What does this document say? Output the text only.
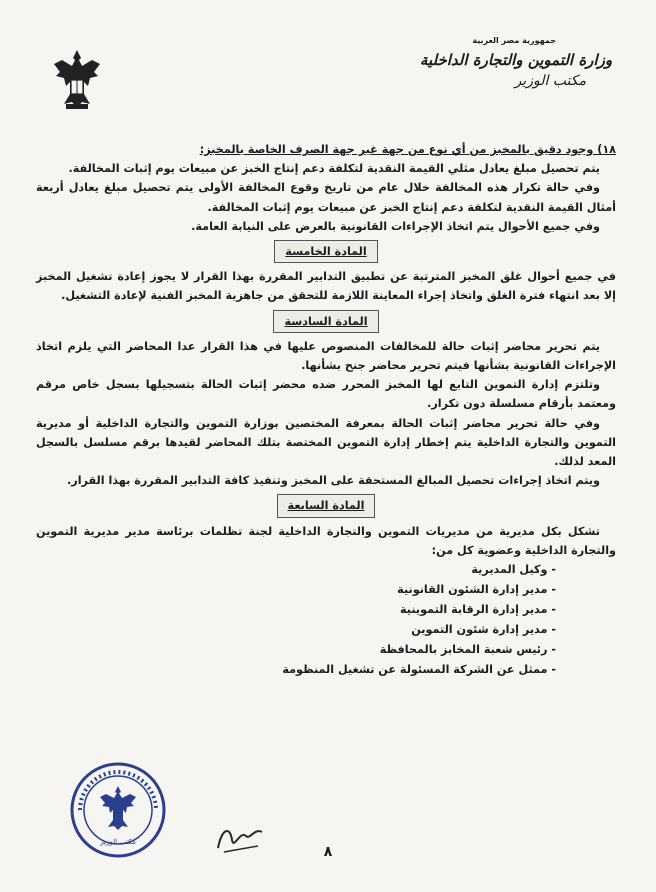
جمهورية مصر العربية
وزارة التموين والتجارة الداخلية
مكتب الوزير

١٨) وجود دقيق بالمخبز من أي نوع من جهة غير جهة الصرف الخاصة بالمخبز:

يتم تحصيل مبلغ يعادل مثلي القيمة النقدية لتكلفة دعم إنتاج الخبز عن مبيعات يوم إثبات المخالفة.

وفي حالة تكرار هذه المخالفة خلال عام من تاريخ وقوع المخالفة الأولى يتم تحصيل مبلغ يعادل أربعة أمثال القيمة النقدية لتكلفة دعم إنتاج الخبز عن مبيعات يوم إثبات المخالفة.

وفي جميع الأحوال يتم اتخاذ الإجراءات القانونية بالعرض على النيابة العامة.

المادة الخامسة

في جميع أحوال غلق المخبز المترتبة عن تطبيق التدابير المقررة بهذا القرار لا يجوز إعادة تشغيل المخبز إلا بعد انتهاء فترة الغلق واتخاذ إجراء المعاينة اللازمة للتحقق من جاهزية المخبز الفنية لإعادة التشغيل.

المادة السادسة

يتم تحرير محاضر إثبات حالة للمخالفات المنصوص عليها في هذا القرار عدا المحاضر التي يلزم اتخاذ الإجراءات القانونية بشأنها فيتم تحرير محاضر جنح بشأنها.

وتلتزم إدارة التموين التابع لها المخبز المحرر ضده محضر إثبات الحالة بتسجيلها بسجل خاص مرقم ومعتمد بأرقام مسلسلة دون تكرار.

وفي حالة تحرير محاضر إثبات الحالة بمعرفة المختصين بوزارة التموين والتجارة الداخلية أو مديرية التموين والتجارة الداخلية يتم إخطار إدارة التموين المختصة بتلك المحاضر لقيدها برقم مسلسل بالسجل المعد لذلك.

ويتم اتخاذ إجراءات تحصيل المبالغ المستحقة على المخبز وتنفيذ كافة التدابير المقررة بهذا القرار.

المادة السابعة

تشكل بكل مديرية من مديريات التموين والتجارة الداخلية لجنة تظلمات برئاسة مدير مديرية التموين والتجارة الداخلية وعضوية كل من:

- وكيل المديرية
- مدير إدارة الشئون القانونية
- مدير إدارة الرقابة التموينية
- مدير إدارة شئون التموين
- رئيس شعبة المخابز بالمحافظة
- ممثل عن الشركة المسئولة عن تشغيل المنظومة
مكتب الوزير
٨
